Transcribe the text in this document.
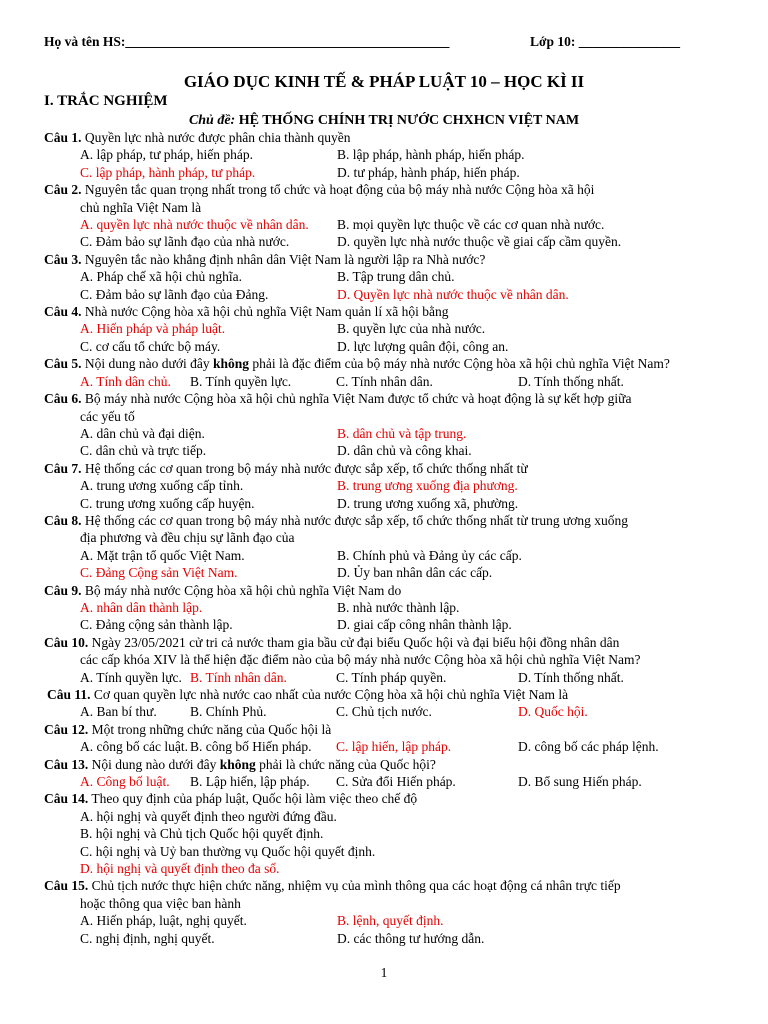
Họ và tên HS:________________________________________________	Lớp 10: _______________
GIÁO DỤC KINH TẾ & PHÁP LUẬT 10 – HỌC KÌ II
I. TRẮC NGHIỆM
Chủ đề: HỆ THỐNG CHÍNH TRỊ NƯỚC CHXHCN VIỆT NAM
Câu 1. Quyền lực nhà nước được phân chia thành quyền
A. lập pháp, tư pháp, hiến pháp.	B. lập pháp, hành pháp, hiến pháp.
C. lập pháp, hành pháp, tư pháp.	D. tư pháp, hành pháp, hiến pháp.
Câu 2. Nguyên tắc quan trọng nhất trong tổ chức và hoạt động của bộ máy nhà nước Cộng hòa xã hội
chủ nghĩa Việt Nam là
A. quyền lực nhà nước thuộc về nhân dân.	B. mọi quyền lực thuộc về các cơ quan nhà nước.
C. Đảm bảo sự lãnh đạo của nhà nước.	D. quyền lực nhà nước thuộc về giai cấp cầm quyền.
Câu 3. Nguyên tắc nào khẳng định nhân dân Việt Nam là người lập ra Nhà nước?
A. Pháp chế xã hội chủ nghĩa.	B. Tập trung dân chủ.
C. Đảm bảo sự lãnh đạo của Đảng.	D. Quyền lực nhà nước thuộc về nhân dân.
Câu 4. Nhà nước Cộng hòa xã hội chủ nghĩa Việt Nam quản lí xã hội bằng
A. Hiến pháp và pháp luật.	B. quyền lực của nhà nước.
C. cơ cấu tổ chức bộ máy.	D. lực lượng quân đội, công an.
Câu 5. Nội dung nào dưới đây không phải là đặc điểm của bộ máy nhà nước Cộng hòa xã hội chủ nghĩa Việt Nam?
A. Tính dân chủ.	B. Tính quyền lực.	C. Tính nhân dân.	D. Tính thống nhất.
Câu 6. Bộ máy nhà nước Cộng hòa xã hội chủ nghĩa Việt Nam được tổ chức và hoạt động là sự kết hợp giữa
các yếu tố
A. dân chủ và đại diện.	B. dân chủ và tập trung.
C. dân chủ và trực tiếp.	D. dân chủ và công khai.
Câu 7. Hệ thống các cơ quan trong bộ máy nhà nước được sắp xếp, tổ chức thống nhất từ
A. trung ương xuống cấp tỉnh.	B. trung ương xuống địa phương.
C. trung ương xuống cấp huyện.	D. trung ương xuống xã, phường.
Câu 8. Hệ thống các cơ quan trong bộ máy nhà nước được sắp xếp, tổ chức thống nhất từ trung ương xuống
địa phương và đều chịu sự lãnh đạo của
A. Mặt trận tổ quốc Việt Nam.	B. Chính phủ và Đảng ủy các cấp.
C. Đảng Cộng sản Việt Nam.	D. Ủy ban nhân dân các cấp.
Câu 9. Bộ máy nhà nước Cộng hòa xã hội chủ nghĩa Việt Nam do
A. nhân dân thành lập.	B. nhà nước thành lập.
C. Đảng cộng sản thành lập.	D. giai cấp công nhân thành lập.
Câu 10. Ngày 23/05/2021 cử tri cả nước tham gia bầu cử đại biểu Quốc hội và đại biểu hội đồng nhân dân
các cấp khóa XIV là thể hiện đặc điểm nào của bộ máy nhà nước Cộng hòa xã hội chủ nghĩa Việt Nam?
A. Tính quyền lực. B. Tính nhân dân.	C. Tính pháp quyền.	D. Tính thống nhất.
Câu 11. Cơ quan quyền lực nhà nước cao nhất của nước Cộng hòa xã hội chủ nghĩa Việt Nam là
A. Ban bí thư.	B. Chính Phủ.	C. Chủ tịch nước.	D. Quốc hội.
Câu 12. Một trong những chức năng của Quốc hội là
A. công bố các luật. B. công bố Hiến pháp.	C. lập hiến, lập pháp.	D. công bố các pháp lệnh.
Câu 13. Nội dung nào dưới đây không phải là chức năng của Quốc hội?
A. Công bố luật.	B. Lập hiến, lập pháp.	C. Sửa đổi Hiến pháp.	D. Bổ sung Hiến pháp.
Câu 14. Theo quy định của pháp luật, Quốc hội làm việc theo chế độ
A. hội nghị và quyết định theo người đứng đầu.
B. hội nghị và Chủ tịch Quốc hội quyết định.
C. hội nghị và Uỷ ban thường vụ Quốc hội quyết định.
D. hội nghị và quyết định theo đa số.
Câu 15. Chủ tịch nước thực hiện chức năng, nhiệm vụ của mình thông qua các hoạt động cá nhân trực tiếp
hoặc thông qua việc ban hành
A. Hiến pháp, luật, nghị quyết.	B. lệnh, quyết định.
C. nghị định, nghị quyết.	D. các thông tư hướng dẫn.
1
